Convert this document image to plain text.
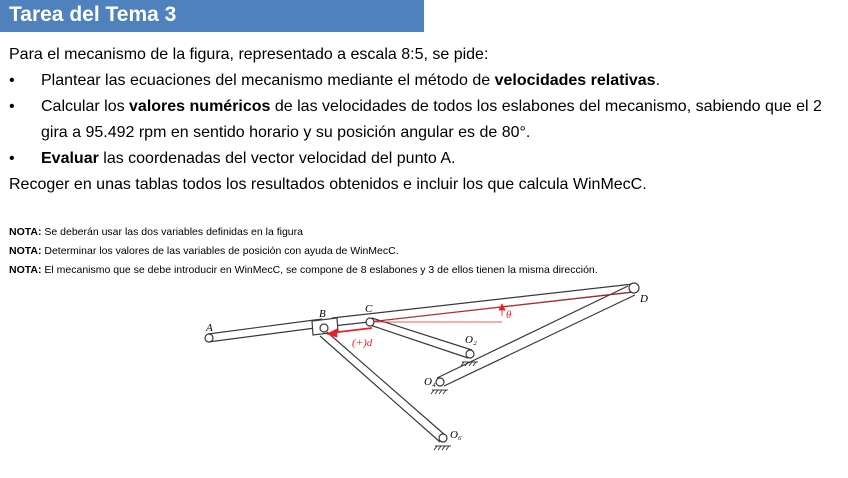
Tarea del Tema 3

Para el mecanismo de la figura, representado a escala 8:5, se pide:

• Plantear las ecuaciones del mecanismo mediante el método de velocidades relativas.
• Calcular los valores numéricos de las velocidades de todos los eslabones del mecanismo, sabiendo que el 2 gira a 95.492 rpm en sentido horario y su posición angular es de 80°.
• Evaluar las coordenadas del vector velocidad del punto A.

Recoger en unas tablas todos los resultados obtenidos e incluir los que calcula WinMecC.

NOTA: Se deberán usar las dos variables definidas en la figura

NOTA: Determinar los valores de las variables de posición con ayuda de WinMecC.

NOTA: El mecanismo que se debe introducir en WinMecC, se compone de 8 eslabones y 3 de ellos tienen la misma dirección.

A
B	C
D
O₂
O₄
O₆
(+)d
θ
